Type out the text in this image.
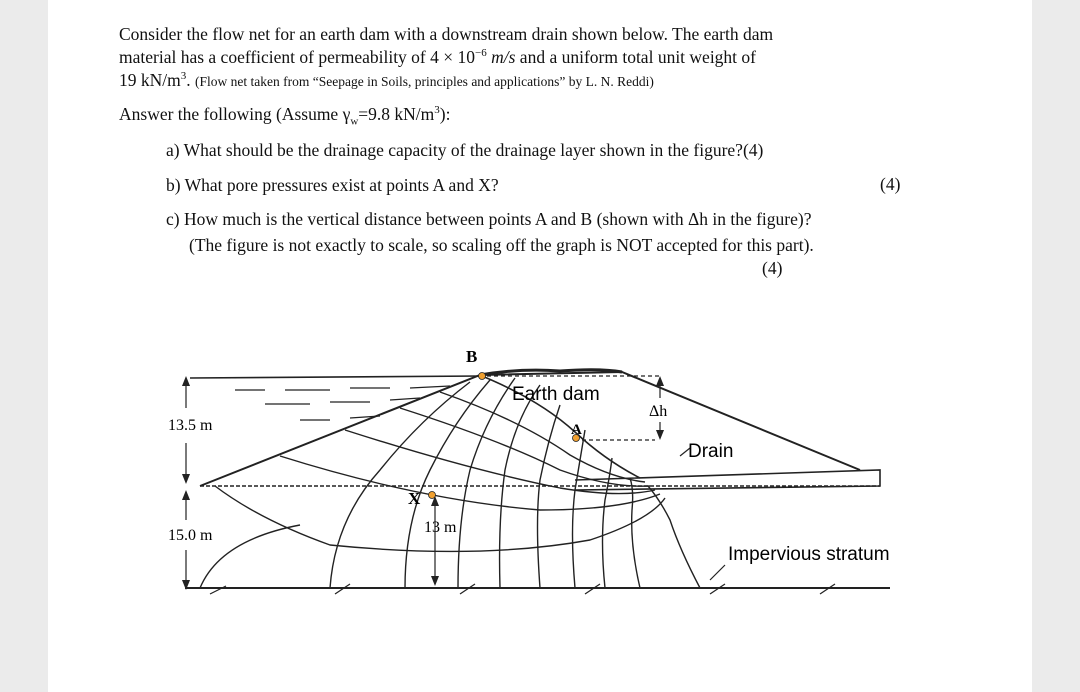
Consider the flow net for an earth dam with a downstream drain shown below. The earth dam
material has a coefficient of permeability of $4 \times 10^{-6}$ m/s and a uniform total unit weight of
19 $kN/m^3$. (Flow net taken from “Seepage in Soils, principles and applications” by L. N. Reddi)
Answer the following (Assume $\gamma_w=9.8$ $kN/m^3$):
a) What should be the drainage capacity of the drainage layer shown in the figure?(4)
b) What pore pressures exist at points A and X?	(4)
c) How much is the vertical distance between points A and B (shown with Δh in the figure)?
(The figure is not exactly to scale, so scaling off the graph is NOT accepted for this part).
(4)
B
A
X
Earth dam
Δh
Drain
13.5 m
15.0 m	13 m
Impervious stratum
